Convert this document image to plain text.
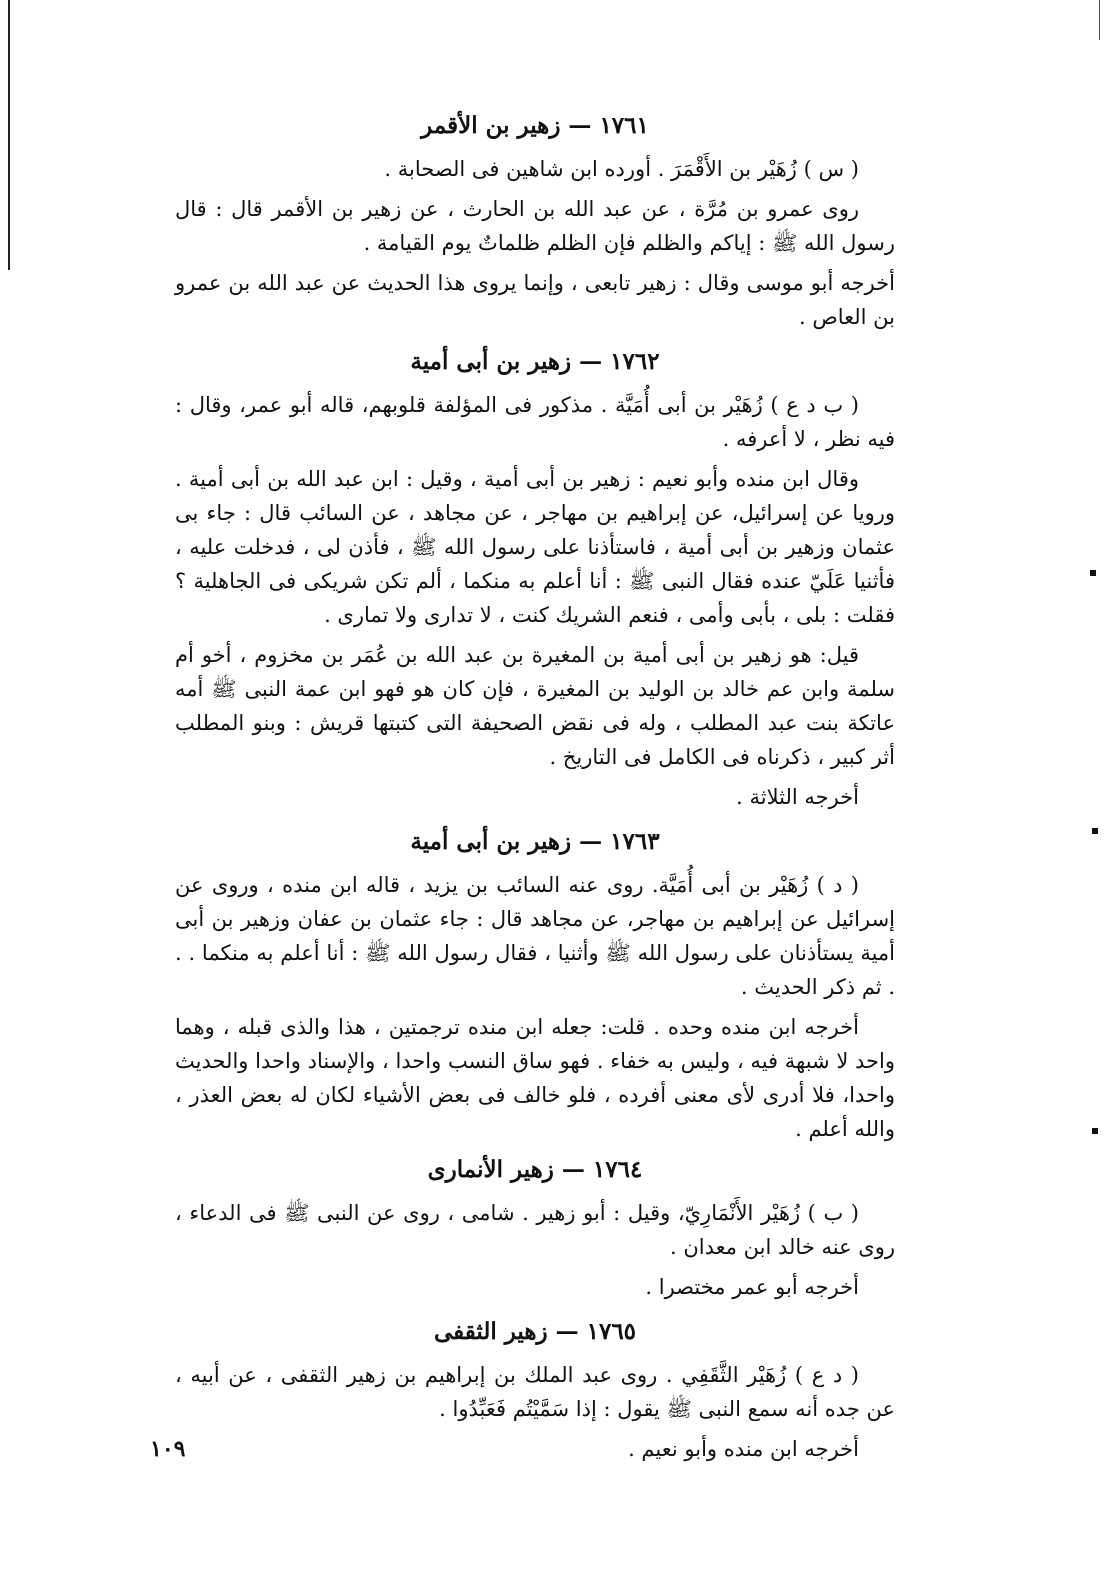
١٧٦١ — زهير بن الأقمر

( س ) زُهَيْر بن الأَقْمَرَ . أورده ابن شاهين فى الصحابة .

روى عمرو بن مُرَّة ، عن عبد الله بن الحارث ، عن زهير بن الأقمر قال : قال رسول الله ﷺ : إياكم والظلم فإن الظلم ظلماتٌ يوم القيامة .

أخرجه أبو موسى وقال : زهير تابعى ، وإنما يروى هذا الحديث عن عبد الله بن عمرو بن العاص .

١٧٦٢ — زهير بن أبى أمية

( ب د ع ) زُهَيْر بن أبى أُمَيَّة . مذكور فى المؤلفة قلوبهم، قاله أبو عمر، وقال : فيه نظر ، لا أعرفه .

وقال ابن منده وأبو نعيم : زهير بن أبى أمية ، وقيل : ابن عبد الله بن أبى أمية . ورويا عن إسرائيل، عن إبراهيم بن مهاجر ، عن مجاهد ، عن السائب قال : جاء بى عثمان وزهير بن أبى أمية ، فاستأذنا على رسول الله ﷺ ، فأذن لى ، فدخلت عليه ، فأثنيا عَلَيّ عنده فقال النبى ﷺ : أنا أعلم به منكما ، ألم تكن شريكى فى الجاهلية ؟ فقلت : بلى ، بأبى وأمى ، فنعم الشريك كنت ، لا تدارى ولا تمارى .

قيل: هو زهير بن أبى أمية بن المغيرة بن عبد الله بن عُمَر بن مخزوم ، أخو أم سلمة وابن عم خالد بن الوليد بن المغيرة ، فإن كان هو فهو ابن عمة النبى ﷺ أمه عاتكة بنت عبد المطلب ، وله فى نقض الصحيفة التى كتبتها قريش : وبنو المطلب أثر كبير ، ذكرناه فى الكامل فى التاريخ .

أخرجه الثلاثة .

١٧٦٣ — زهير بن أبى أمية

( د ) زُهَيْر بن أبى أُمَيَّة. روى عنه السائب بن يزيد ، قاله ابن منده ، وروى عن إسرائيل عن إبراهيم بن مهاجر، عن مجاهد قال : جاء عثمان بن عفان وزهير بن أبى أمية يستأذنان على رسول الله ﷺ وأثنيا ، فقال رسول الله ﷺ : أنا أعلم به منكما . . . ثم ذكر الحديث .

أخرجه ابن منده وحده . قلت: جعله ابن منده ترجمتين ، هذا والذى قبله ، وهما واحد لا شبهة فيه ، وليس به خفاء . فهو ساق النسب واحدا ، والإسناد واحدا والحديث واحدا، فلا أدرى لأى معنى أفرده ، فلو خالف فى بعض الأشياء لكان له بعض العذر ، والله أعلم .

١٧٦٤ — زهير الأنمارى

( ب ) زُهَيْر الأَنْمَارِيّ، وقيل : أبو زهير . شامى ، روى عن النبى ﷺ فى الدعاء ، روى عنه خالد ابن معدان .

أخرجه أبو عمر مختصرا .

١٧٦٥ — زهير الثقفى

( د ع ) زُهَيْر الثَّقَفِي . روى عبد الملك بن إبراهيم بن زهير الثقفى ، عن أبيه ، عن جده أنه سمع النبى ﷺ يقول : إذا سَمَّيْتُم فَعَبِّدُوا .

أخرجه ابن منده وأبو نعيم .

١٠٩
